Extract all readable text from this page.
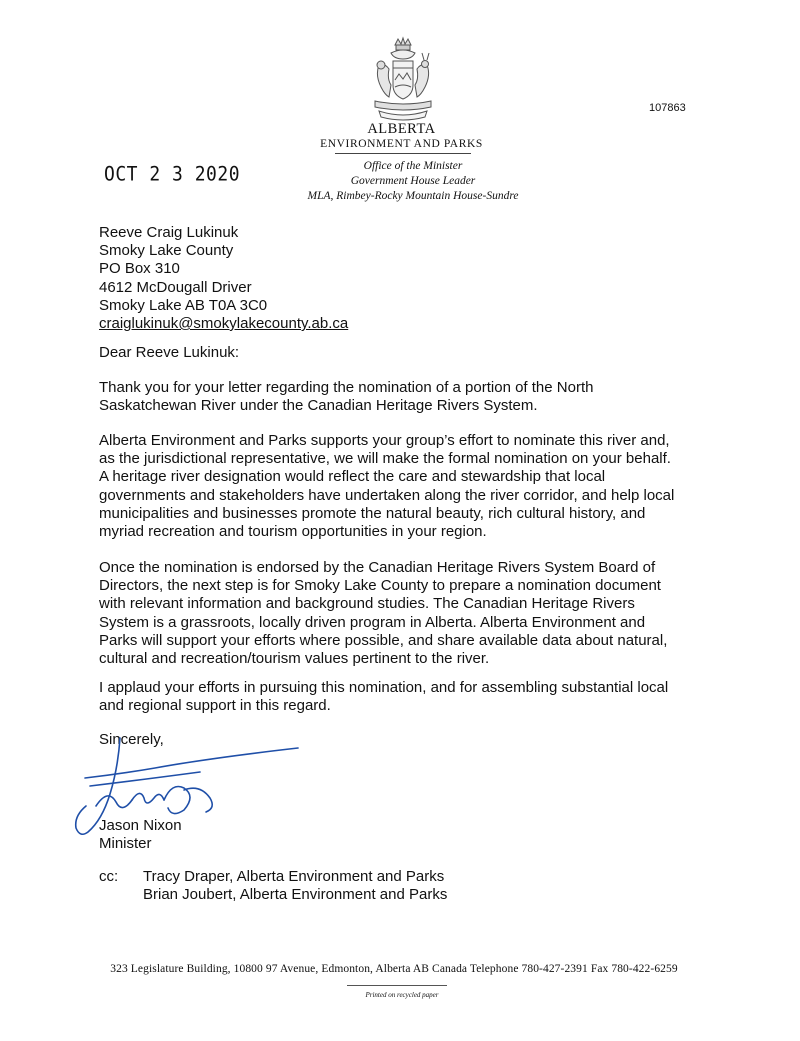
ALBERTA
ENVIRONMENT AND PARKS
Office of the Minister
Government House Leader
MLA, Rimbey-Rocky Mountain House-Sundre
107863
OCT 2 3 2020
Reeve Craig Lukinuk
Smoky Lake County
PO Box 310
4612 McDougall Driver
Smoky Lake AB T0A 3C0
craiglukinuk@smokylakecounty.ab.ca
Dear Reeve Lukinuk:
Thank you for your letter regarding the nomination of a portion of the North
Saskatchewan River under the Canadian Heritage Rivers System.
Alberta Environment and Parks supports your group’s effort to nominate this river and,
as the jurisdictional representative, we will make the formal nomination on your behalf.
A heritage river designation would reflect the care and stewardship that local
governments and stakeholders have undertaken along the river corridor, and help local
municipalities and businesses promote the natural beauty, rich cultural history, and
myriad recreation and tourism opportunities in your region.
Once the nomination is endorsed by the Canadian Heritage Rivers System Board of
Directors, the next step is for Smoky Lake County to prepare a nomination document
with relevant information and background studies. The Canadian Heritage Rivers
System is a grassroots, locally driven program in Alberta. Alberta Environment and
Parks will support your efforts where possible, and share available data about natural,
cultural and recreation/tourism values pertinent to the river.
I applaud your efforts in pursuing this nomination, and for assembling substantial local
and regional support in this regard.
Sincerely,
Jason Nixon
Minister
cc: Tracy Draper, Alberta Environment and Parks
Brian Joubert, Alberta Environment and Parks
323 Legislature Building, 10800 97 Avenue, Edmonton, Alberta AB Canada Telephone 780-427-2391 Fax 780-422-6259
Printed on recycled paper
